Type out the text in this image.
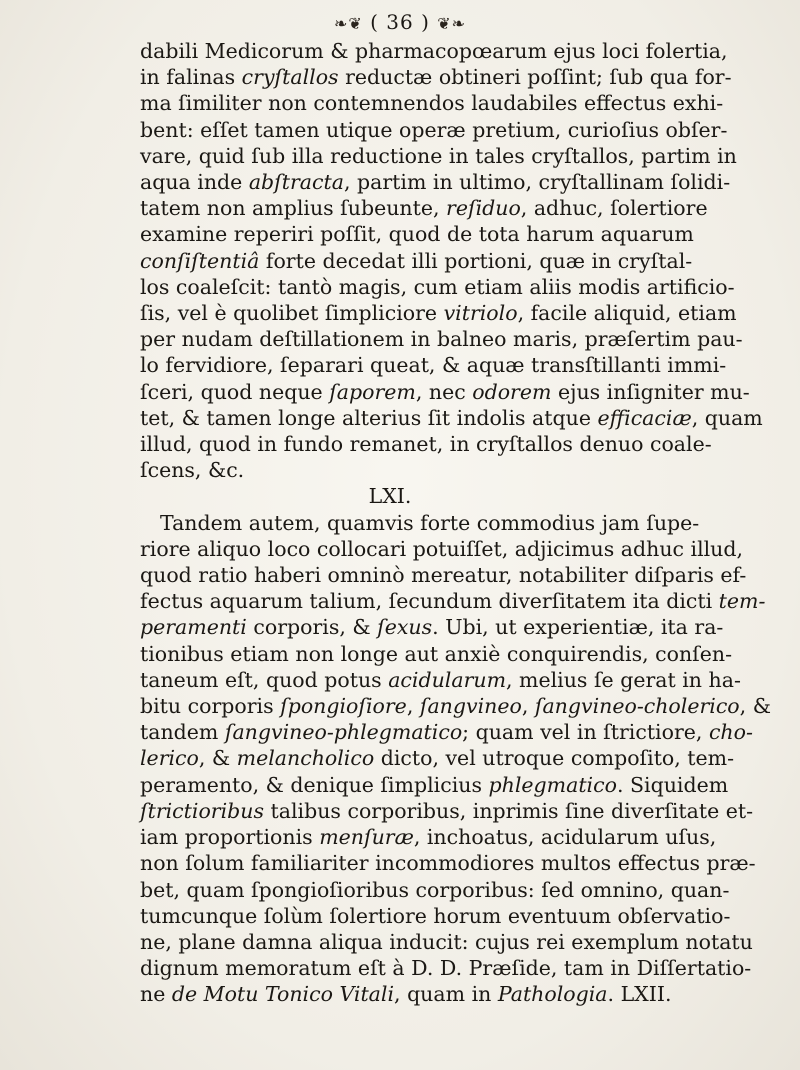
❧❦ ( 36 ) ❦❧
dabili Medicorum & pharmacopœarum ejus loci folertia,
in falinas cryſtallos reductæ obtineri poſſint; ſub qua for-
ma ſimiliter non contemnendos laudabiles effectus exhi-
bent: eſſet tamen utique operæ pretium, curioſius obſer-
vare, quid ſub illa reductione in tales cryſtallos, partim in
aqua inde abſtracta, partim in ultimo, cryſtallinam ſolidi-
tatem non amplius ſubeunte, reſiduo, adhuc, ſolertiore
examine reperiri poſſit, quod de tota harum aquarum
conſiſtentiâ forte decedat illi portioni, quæ in cryſtal-
los coaleſcit: tantò magis, cum etiam aliis modis artificio-
ſis, vel è quolibet ſimpliciore vitriolo, facile aliquid, etiam
per nudam deſtillationem in balneo maris, præſertim pau-
lo fervidiore, ſeparari queat, & aquæ transſtillanti immi-
ſceri, quod neque ſaporem, nec odorem ejus inſigniter mu-
tet, & tamen longe alterius ſit indolis atque efficaciæ, quam
illud, quod in fundo remanet, in cryſtallos denuo coale-
ſcens, &c.
LXI.
Tandem autem, quamvis forte commodius jam ſupe-
riore aliquo loco collocari potuiſſet, adjicimus adhuc illud,
quod ratio haberi omninò mereatur, notabiliter diſparis ef-
fectus aquarum talium, ſecundum diverſitatem ita dicti tem-
peramenti corporis, & ſexus. Ubi, ut experientiæ, ita ra-
tionibus etiam non longe aut anxiè conquirendis, conſen-
taneum eſt, quod potus acidularum, melius ſe gerat in ha-
bitu corporis ſpongioſiore, ſangvineo, ſangvineo-cholerico, &
tandem ſangvineo-phlegmatico; quam vel in ſtrictiore, cho-
lerico, & melancholico dicto, vel utroque compoſito, tem-
peramento, & denique ſimplicius phlegmatico. Siquidem
ſtrictioribus talibus corporibus, inprimis ſine diverſitate et-
iam proportionis menſuræ, inchoatus, acidularum uſus,
non ſolum familiariter incommodiores multos effectus præ-
bet, quam ſpongioſioribus corporibus: ſed omnino, quan-
tumcunque ſolùm ſolertiore horum eventuum obſervatio-
ne, plane damna aliqua inducit: cujus rei exemplum notatu
dignum memoratum eſt à D. D. Præſide, tam in Diſſertatio-
ne de Motu Tonico Vitali, quam in Pathologia. LXII.
